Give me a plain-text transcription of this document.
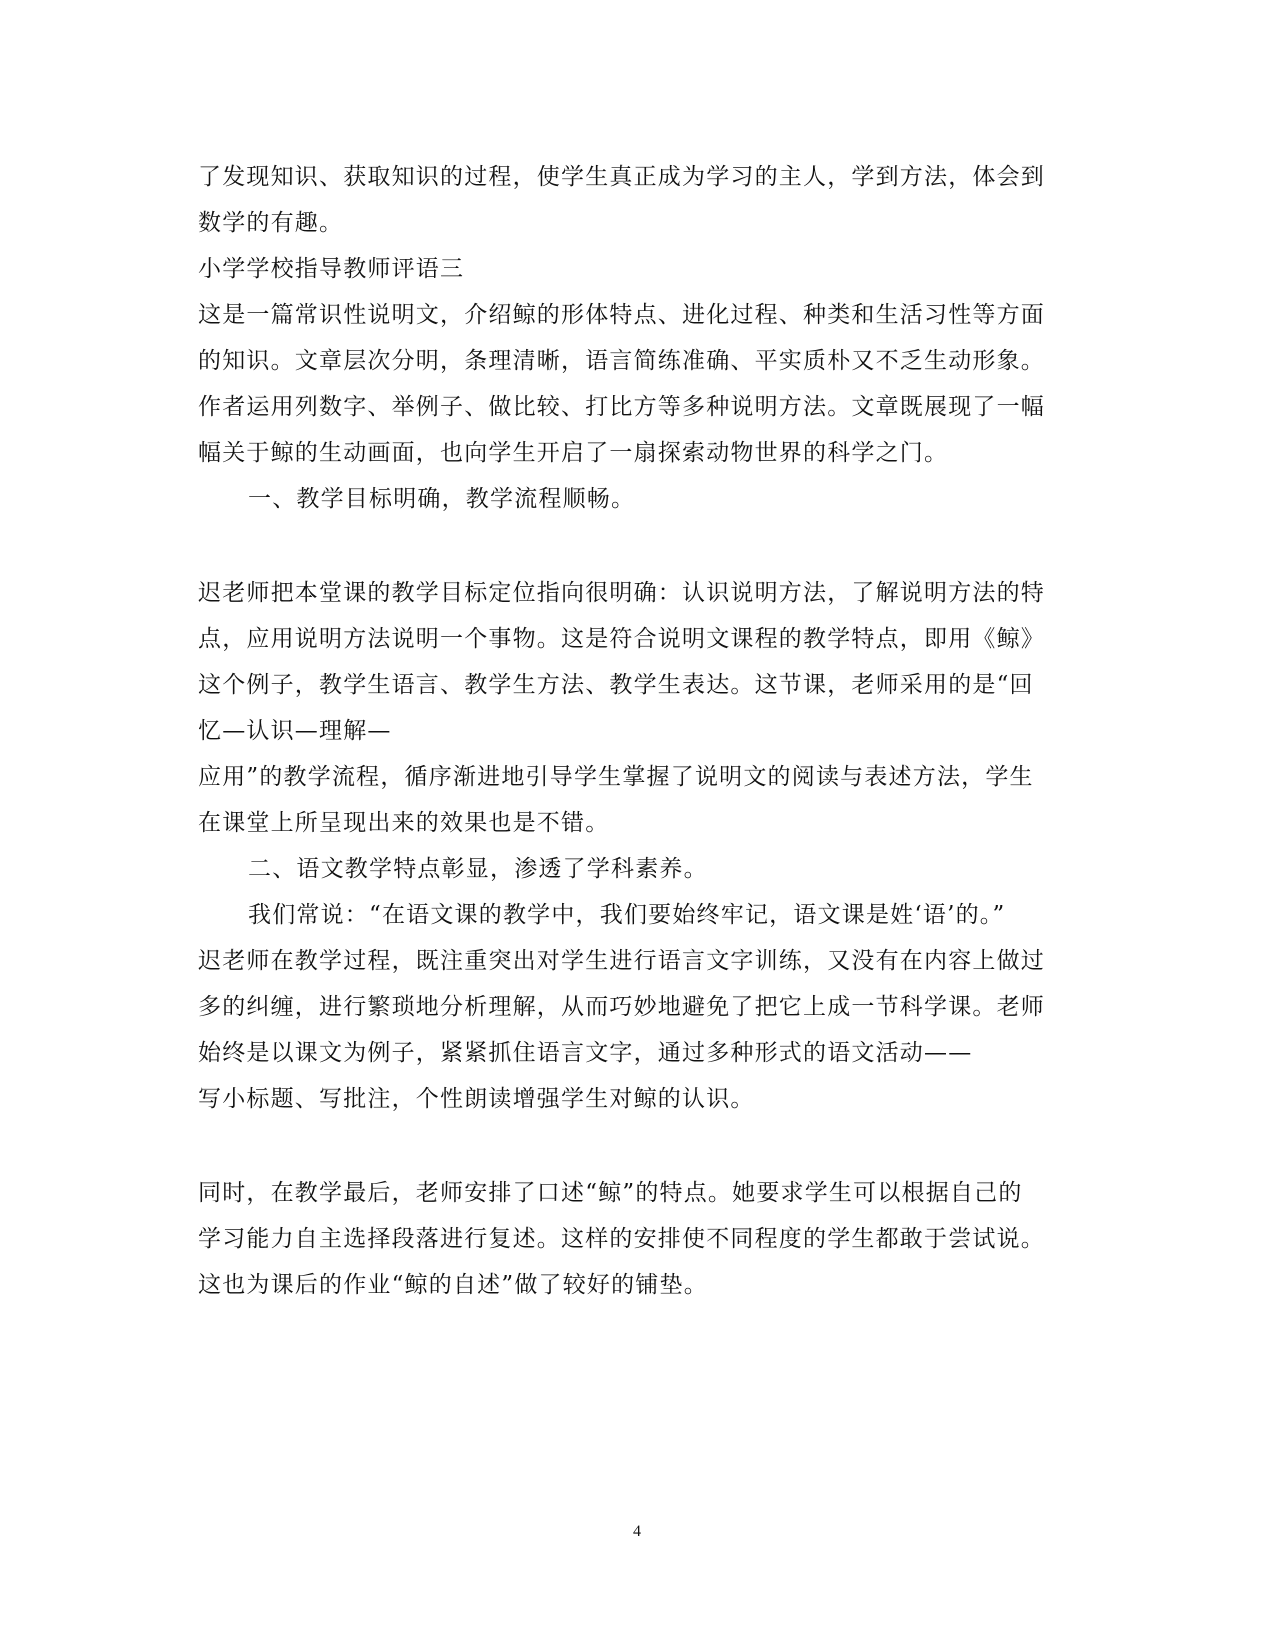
了发现知识、获取知识的过程，使学生真正成为学习的主人，学到方法，体会到
数学的有趣。
小学学校指导教师评语三
这是一篇常识性说明文，介绍鲸的形体特点、进化过程、种类和生活习性等方面
的知识。文章层次分明，条理清晰，语言简练准确、平实质朴又不乏生动形象。
作者运用列数字、举例子、做比较、打比方等多种说明方法。文章既展现了一幅
幅关于鲸的生动画面，也向学生开启了一扇探索动物世界的科学之门。
一、教学目标明确，教学流程顺畅。
迟老师把本堂课的教学目标定位指向很明确：认识说明方法，了解说明方法的特
点，应用说明方法说明一个事物。这是符合说明文课程的教学特点，即用《鲸》
这个例子，教学生语言、教学生方法、教学生表达。这节课，老师采用的是“回
忆—认识—理解—
应用”的教学流程，循序渐进地引导学生掌握了说明文的阅读与表述方法，学生
在课堂上所呈现出来的效果也是不错。
二、语文教学特点彰显，渗透了学科素养。
我们常说：“在语文课的教学中，我们要始终牢记，语文课是姓‘语’的。”
迟老师在教学过程，既注重突出对学生进行语言文字训练，又没有在内容上做过
多的纠缠，进行繁琐地分析理解，从而巧妙地避免了把它上成一节科学课。老师
始终是以课文为例子，紧紧抓住语言文字，通过多种形式的语文活动——
写小标题、写批注，个性朗读增强学生对鲸的认识。
同时，在教学最后，老师安排了口述“鲸”的特点。她要求学生可以根据自己的
学习能力自主选择段落进行复述。这样的安排使不同程度的学生都敢于尝试说。
这也为课后的作业“鲸的自述”做了较好的铺垫。
4
